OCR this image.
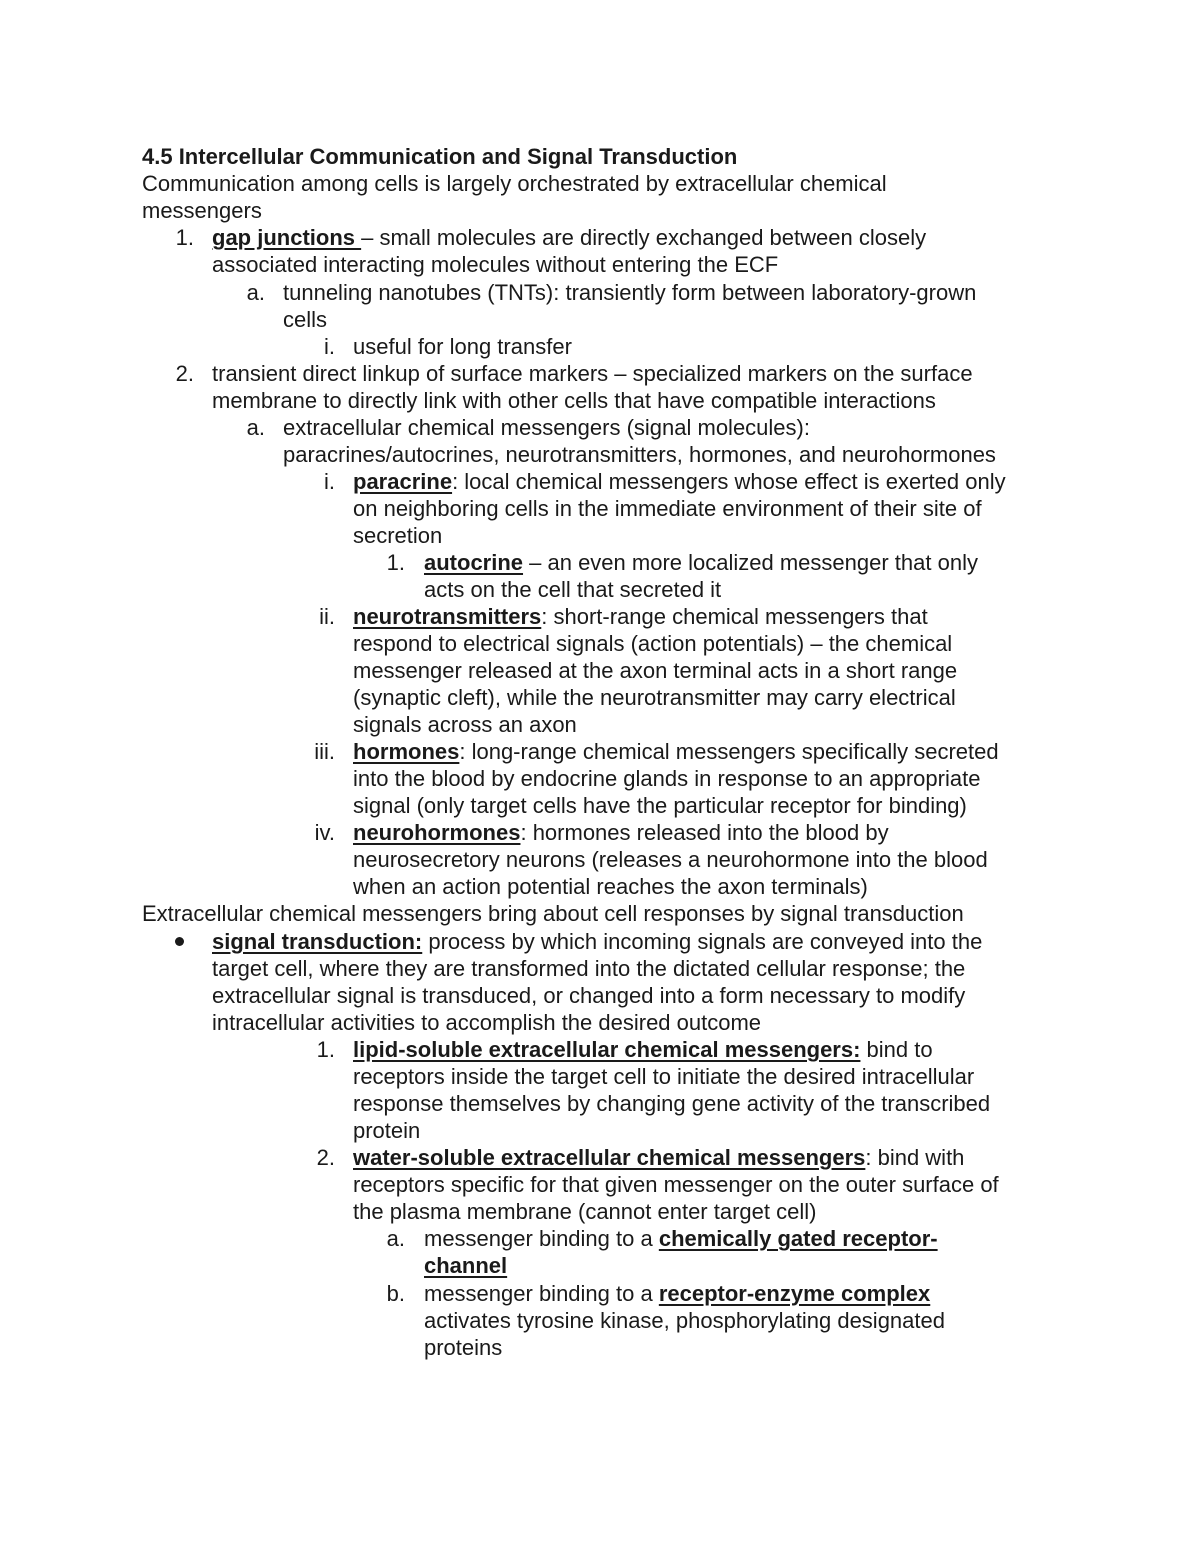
4.5 Intercellular Communication and Signal Transduction
Communication among cells is largely orchestrated by extracellular chemical
messengers
1. gap junctions – small molecules are directly exchanged between closely
associated interacting molecules without entering the ECF
a. tunneling nanotubes (TNTs): transiently form between laboratory-grown
cells
i. useful for long transfer
2. transient direct linkup of surface markers – specialized markers on the surface
membrane to directly link with other cells that have compatible interactions
a. extracellular chemical messengers (signal molecules):
paracrines/autocrines, neurotransmitters, hormones, and neurohormones
i. paracrine: local chemical messengers whose effect is exerted only
on neighboring cells in the immediate environment of their site of
secretion
1. autocrine – an even more localized messenger that only
acts on the cell that secreted it
ii. neurotransmitters: short-range chemical messengers that
respond to electrical signals (action potentials) – the chemical
messenger released at the axon terminal acts in a short range
(synaptic cleft), while the neurotransmitter may carry electrical
signals across an axon
iii. hormones: long-range chemical messengers specifically secreted
into the blood by endocrine glands in response to an appropriate
signal (only target cells have the particular receptor for binding)
iv. neurohormones: hormones released into the blood by
neurosecretory neurons (releases a neurohormone into the blood
when an action potential reaches the axon terminals)
Extracellular chemical messengers bring about cell responses by signal transduction
signal transduction: process by which incoming signals are conveyed into the
target cell, where they are transformed into the dictated cellular response; the
extracellular signal is transduced, or changed into a form necessary to modify
intracellular activities to accomplish the desired outcome
1. lipid-soluble extracellular chemical messengers: bind to
receptors inside the target cell to initiate the desired intracellular
response themselves by changing gene activity of the transcribed
protein
2. water-soluble extracellular chemical messengers: bind with
receptors specific for that given messenger on the outer surface of
the plasma membrane (cannot enter target cell)
a. messenger binding to a chemically gated receptor-
channel
b. messenger binding to a receptor-enzyme complex
activates tyrosine kinase, phosphorylating designated
proteins
